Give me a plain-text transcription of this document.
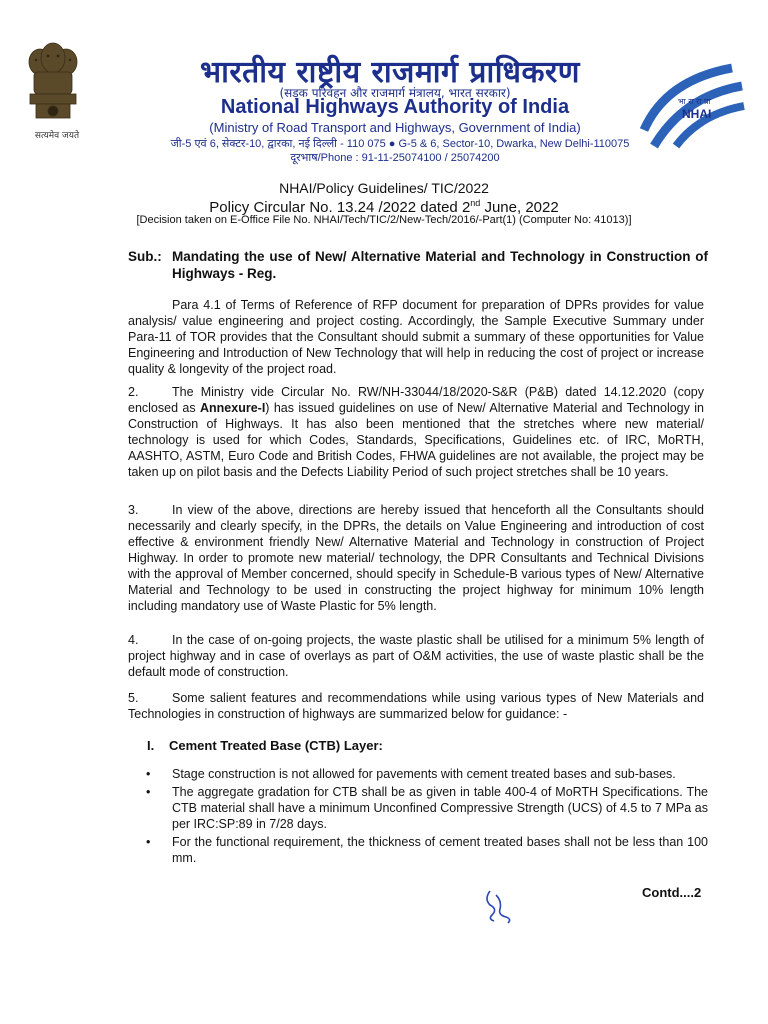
सत्यमेव जयते
भारतीय राष्ट्रीय राजमार्ग प्राधिकरण
(सड़क परिवहन और राजमार्ग मंत्रालय, भारत सरकार)
National Highways Authority of India
(Ministry of Road Transport and Highways, Government of India)
जी-5 एवं 6, सेक्टर-10, द्वारका, नई दिल्ली - 110 075 ● G-5 & 6, Sector-10, Dwarka, New Delhi-110075
दूरभाष/Phone : 91-11-25074100 / 25074200
भा रा रा प्रा
NHAI
NHAI/Policy Guidelines/ TIC/2022
Policy Circular No. 13.24 /2022 dated 2nd June, 2022
[Decision taken on E-Office File No. NHAI/Tech/TIC/2/New-Tech/2016/-Part(1) (Computer No: 41013)]
Sub.: Mandating the use of New/ Alternative Material and Technology in Construction of Highways - Reg.
Para 4.1 of Terms of Reference of RFP document for preparation of DPRs provides for value analysis/ value engineering and project costing. Accordingly, the Sample Executive Summary under Para-11 of TOR provides that the Consultant should submit a summary of these opportunities for Value Engineering and Introduction of New Technology that will help in reducing the cost of project or increase quality & longevity of the project road.
2.	The Ministry vide Circular No. RW/NH-33044/18/2020-S&R (P&B) dated 14.12.2020 (copy enclosed as Annexure-I) has issued guidelines on use of New/ Alternative Material and Technology in Construction of Highways. It has also been mentioned that the stretches where new material/ technology is used for which Codes, Standards, Specifications, Guidelines etc. of IRC, MoRTH, AASHTO, ASTM, Euro Code and British Codes, FHWA guidelines are not available, the project may be taken up on pilot basis and the Defects Liability Period of such project stretches shall be 10 years.
3.	In view of the above, directions are hereby issued that henceforth all the Consultants should necessarily and clearly specify, in the DPRs, the details on Value Engineering and introduction of cost effective & environment friendly New/ Alternative Material and Technology in construction of Project Highway. In order to promote new material/ technology, the DPR Consultants and Technical Divisions with the approval of Member concerned, should specify in Schedule-B various types of New/ Alternative Material and Technology to be used in constructing the project highway for minimum 10% length including mandatory use of Waste Plastic for 5% length.
4.	In the case of on-going projects, the waste plastic shall be utilised for a minimum 5% length of project highway and in case of overlays as part of O&M activities, the use of waste plastic shall be the default mode of construction.
5.	Some salient features and recommendations while using various types of New Materials and Technologies in construction of highways are summarized below for guidance: -
I. Cement Treated Base (CTB) Layer:
• Stage construction is not allowed for pavements with cement treated bases and sub-bases.
• The aggregate gradation for CTB shall be as given in table 400-4 of MoRTH Specifications. The CTB material shall have a minimum Unconfined Compressive Strength (UCS) of 4.5 to 7 MPa as per IRC:SP:89 in 7/28 days.
• For the functional requirement, the thickness of cement treated bases shall not be less than 100 mm.
Contd....2
